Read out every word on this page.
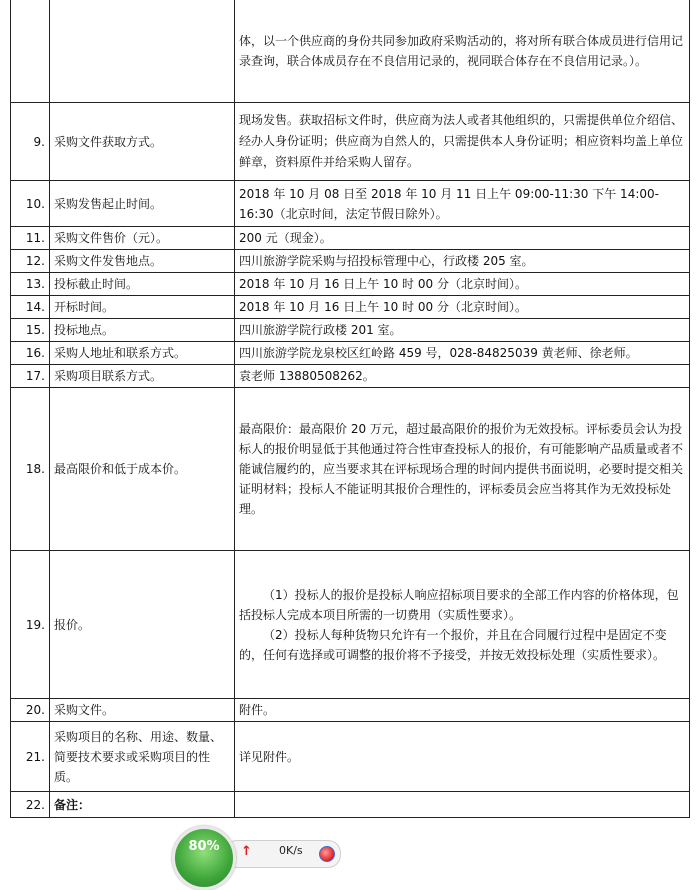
		体，以一个供应商的身份共同参加政府采购活动的，将对所有联合体成员进行信用记录查询，联合体成员存在不良信用记录的，视同联合体存在不良信用记录。）。
9.	采购文件获取方式。	现场发售。获取招标文件时，供应商为法人或者其他组织的，只需提供单位介绍信、经办人身份证明；供应商为自然人的，只需提供本人身份证明；相应资料均盖上单位鲜章，资料原件并给采购人留存。
10.	采购发售起止时间。	2018 年 10 月 08 日至 2018 年 10 月 11 日上午 09:00-11:30 下午 14:00-16:30（北京时间，法定节假日除外）。
11.	采购文件售价（元）。	200 元（现金）。
12.	采购文件发售地点。	四川旅游学院采购与招投标管理中心，行政楼 205 室。
13.	投标截止时间。	2018 年 10 月 16 日上午 10 时 00 分（北京时间）。
14.	开标时间。	2018 年 10 月 16 日上午 10 时 00 分（北京时间）。
15.	投标地点。	四川旅游学院行政楼 201 室。
16.	采购人地址和联系方式。	四川旅游学院龙泉校区红岭路 459 号，028-84825039 黄老师、徐老师。
17.	采购项目联系方式。	袁老师 13880508262。
18.	最高限价和低于成本价。	最高限价：最高限价 20 万元，超过最高限价的报价为无效投标。评标委员会认为投标人的报价明显低于其他通过符合性审查投标人的报价，有可能影响产品质量或者不能诚信履约的，应当要求其在评标现场合理的时间内提供书面说明，必要时提交相关证明材料；投标人不能证明其报价合理性的，评标委员会应当将其作为无效投标处理。
19.	报价。	（1）投标人的报价是投标人响应招标项目要求的全部工作内容的价格体现，包括投标人完成本项目所需的一切费用（实质性要求）。
（2）投标人每种货物只允许有一个报价，并且在合同履行过程中是固定不变的，任何有选择或可调整的报价将不予接受，并按无效投标处理（实质性要求）。

20.	采购文件。	附件。
21.	采购项目的名称、用途、数量、简要技术要求或采购项目的性质。	详见附件。
22.	备注：	
↑ 0K/s
80%
